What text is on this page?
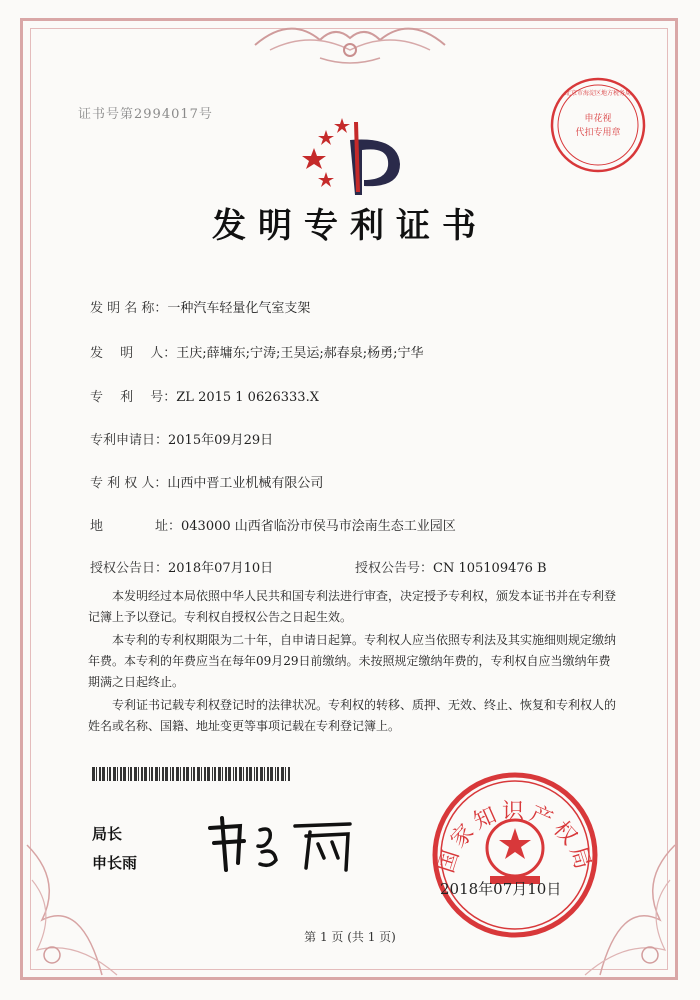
证书号第2994017号	申花视
代扣专用章
北京市海淀区地方税务局
发明专利证书
发 明 名 称：一种汽车轻量化气室支架
发　 明　 人：王庆;薛墉东;宁涛;王昊运;郝春泉;杨勇;宁华
专　 利　 号：ZL 2015 1 0626333.X
专利申请日：2015年09月29日
专 利 权 人：山西中晋工业机械有限公司
地　　　　址：043000 山西省临汾市侯马市浍南生态工业园区
授权公告日：2018年07月10日	授权公告号：CN 105109476 B

本发明经过本局依照中华人民共和国专利法进行审查，决定授予专利权，颁发本证书并在专利登记簿上予以登记。专利权自授权公告之日起生效。

本专利的专利权期限为二十年，自申请日起算。专利权人应当依照专利法及其实施细则规定缴纳年费。本专利的年费应当在每年09月29日前缴纳。未按照规定缴纳年费的，专利权自应当缴纳年费期满之日起终止。

专利证书记载专利权登记时的法律状况。专利权的转移、质押、无效、终止、恢复和专利权人的姓名或名称、国籍、地址变更等事项记载在专利登记簿上。

局长
申长雨	国家知识产权局
2018年07月10日
第 1 页 (共 1 页)
